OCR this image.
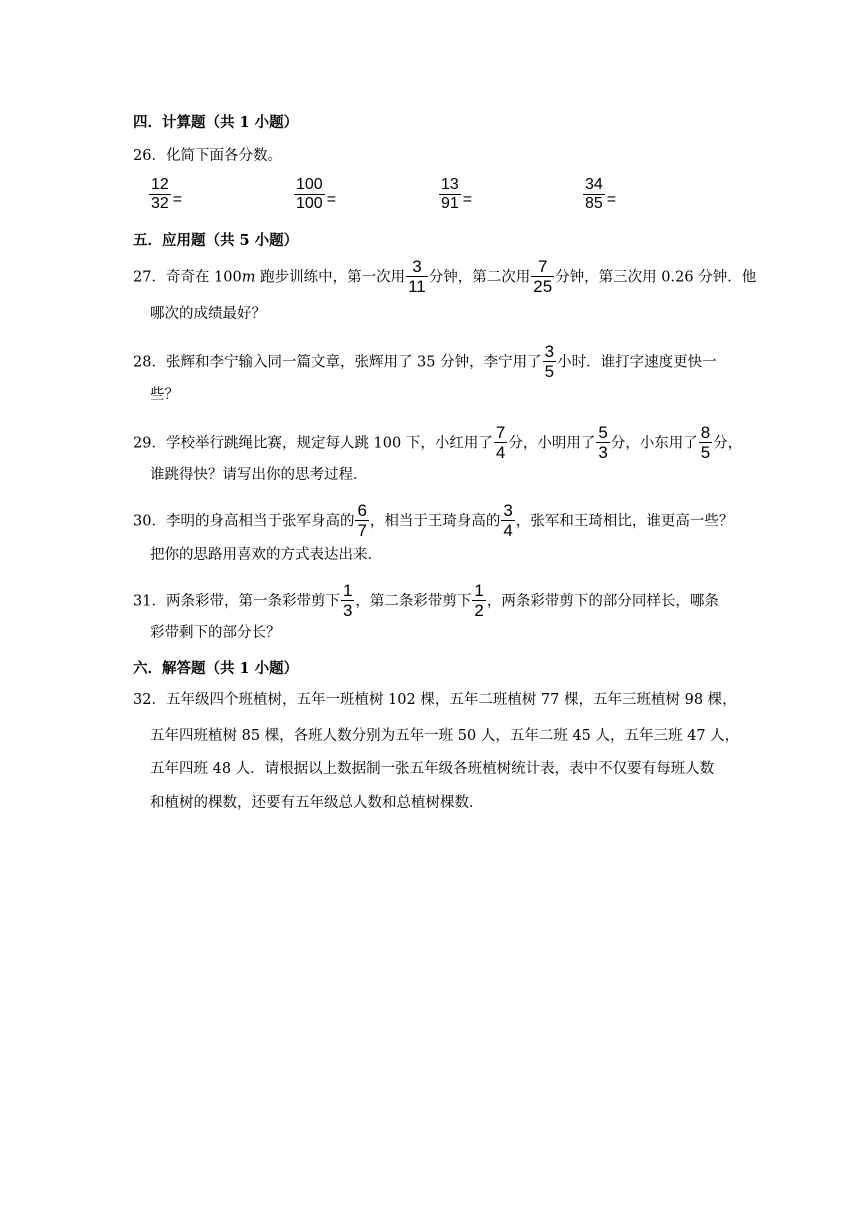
四．计算题（共 1 小题）
26．化简下面各分数。
$\frac{12}{32}$ =	$\frac{100}{100}$ =	$\frac{13}{91}$ =	$\frac{34}{85}$ =
五．应用题（共 5 小题）
27．奇奇在 100m 跑步训练中，第一次用 $\frac{3}{11}$ 分钟，第二次用 $\frac{7}{25}$ 分钟，第三次用 0.26 分钟．他
哪次的成绩最好？
28．张辉和李宁输入同一篇文章，张辉用了 35 分钟，李宁用了 $\frac{3}{5}$ 小时．谁打字速度更快一
些？
29．学校举行跳绳比赛，规定每人跳 100 下，小红用了 $\frac{7}{4}$ 分，小明用了 $\frac{5}{3}$ 分，小东用了 $\frac{8}{5}$ 分，
谁跳得快？请写出你的思考过程．
30．李明的身高相当于张军身高的 $\frac{6}{7}$ ，相当于王琦身高的 $\frac{3}{4}$ ，张军和王琦相比，谁更高一些？
把你的思路用喜欢的方式表达出来．
31．两条彩带，第一条彩带剪下 $\frac{1}{3}$ ，第二条彩带剪下 $\frac{1}{2}$ ，两条彩带剪下的部分同样长，哪条
彩带剩下的部分长？
六．解答题（共 1 小题）
32．五年级四个班植树，五年一班植树 102 棵，五年二班植树 77 棵，五年三班植树 98 棵，
五年四班植树 85 棵，各班人数分别为五年一班 50 人，五年二班 45 人，五年三班 47 人，
五年四班 48 人．请根据以上数据制一张五年级各班植树统计表，表中不仅要有每班人数
和植树的棵数，还要有五年级总人数和总植树棵数．
